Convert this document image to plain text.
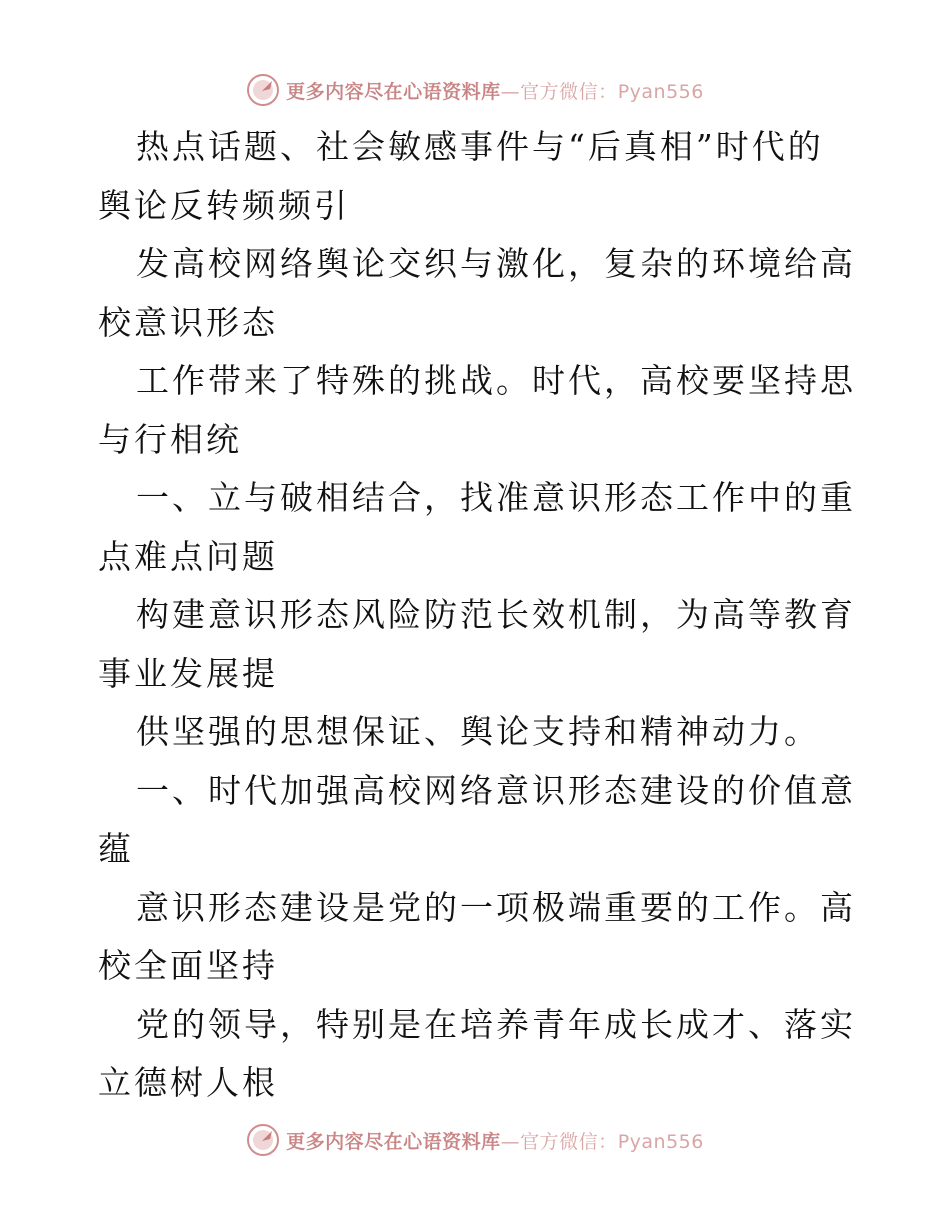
更多内容尽在心语资料库—官方微信：Pyan556

热点话题、社会敏感事件与“后真相”时代的舆论反转频频引

发高校网络舆论交织与激化，复杂的环境给高校意识形态

工作带来了特殊的挑战。时代，高校要坚持思与行相统

一、立与破相结合，找准意识形态工作中的重点难点问题

构建意识形态风险防范长效机制，为高等教育事业发展提

供坚强的思想保证、舆论支持和精神动力。

一、时代加强高校网络意识形态建设的价值意蕴

意识形态建设是党的一项极端重要的工作。高校全面坚持

党的领导，特别是在培养青年成长成才、落实立德树人根

更多内容尽在心语资料库—官方微信：Pyan556
